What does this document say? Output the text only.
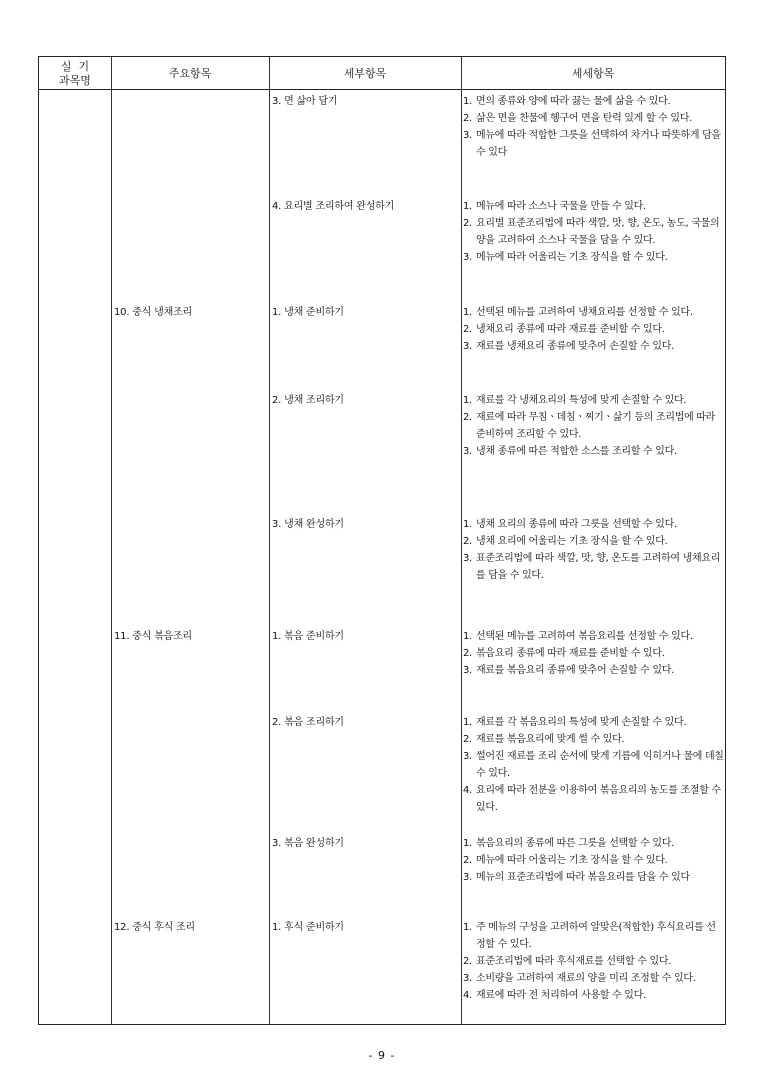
실  기
과목명
주요항목	세부항목	세세항목
10. 중식 냉채조리
11. 중식 볶음조리
12. 중식 후식 조리
3. 면 삶아 담기
4. 요리별 조리하여 완성하기
1. 냉채 준비하기
2. 냉채 조리하기
3. 냉채 완성하기
1. 볶음 준비하기
2. 볶음 조리하기
3. 볶음 완성하기
1. 후식 준비하기
1. 면의 종류와 양에 따라 끓는 물에 삶을 수 있다.
2. 삶은 면을 찬물에 헹구어 면을 탄력 있게 할 수 있다.
3. 메뉴에 따라 적합한 그릇을 선택하여 차거나 따뜻하게 담을 수 있다
1. 메뉴에 따라 소스나 국물을 만들 수 있다.
2. 요리별 표준조리법에 따라 색깔, 맛, 향, 온도, 농도, 국물의 양을 고려하여 소스나 국물을 담을 수 있다.
3. 메뉴에 따라 어울리는 기초 장식을 할 수 있다.
1. 선택된 메뉴를 고려하여 냉채요리를 선정할 수 있다.
2. 냉채요리 종류에 따라 재료를 준비할 수 있다.
3. 재료를 냉채요리 종류에 맞추어 손질할 수 있다.
1. 재료를 각 냉채요리의 특성에 맞게 손질할 수 있다.
2. 재료에 따라 무침ㆍ데침ㆍ찌기ㆍ삶기 등의 조리법에 따라 준비하여 조리할 수 있다.
3. 냉채 종류에 따른 적합한 소스를 조리할 수 있다.
1. 냉채 요리의 종류에 따라 그릇을 선택할 수 있다.
2. 냉채 요리에 어울리는 기초 장식을 할 수 있다.
3. 표준조리법에 따라 색깔, 맛, 향, 온도를 고려하여 냉채요리를 담을 수 있다.
1. 선택된 메뉴를 고려하여 볶음요리를 선정할 수 있다.
2. 볶음요리 종류에 따라 재료를 준비할 수 있다.
3. 재료를 볶음요리 종류에 맞추어 손질할 수 있다.
1. 재료를 각 볶음요리의 특성에 맞게 손질할 수 있다.
2. 재료를 볶음요리에 맞게 썰 수 있다.
3. 썰어진 재료를 조리 순서에 맞게 기름에 익히거나 물에 데칠 수 있다.
4. 요리에 따라 전분을 이용하여 볶음요리의 농도를 조절할 수 있다.
1. 볶음요리의 종류에 따른 그릇을 선택할 수 있다.
2. 메뉴에 따라 어울리는 기초 장식을 할 수 있다.
3. 메뉴의 표준조리법에 따라 볶음요리를 담을 수 있다
1. 주 메뉴의 구성을 고려하여 알맞은(적합한) 후식요리를 선정할 수 있다.
2. 표준조리법에 따라 후식재료를 선택할 수 있다.
3. 소비량을 고려하여 재료의 양을 미리 조정할 수 있다.
4. 재료에 따라 전 처리하여 사용할 수 있다.
- 9 -
